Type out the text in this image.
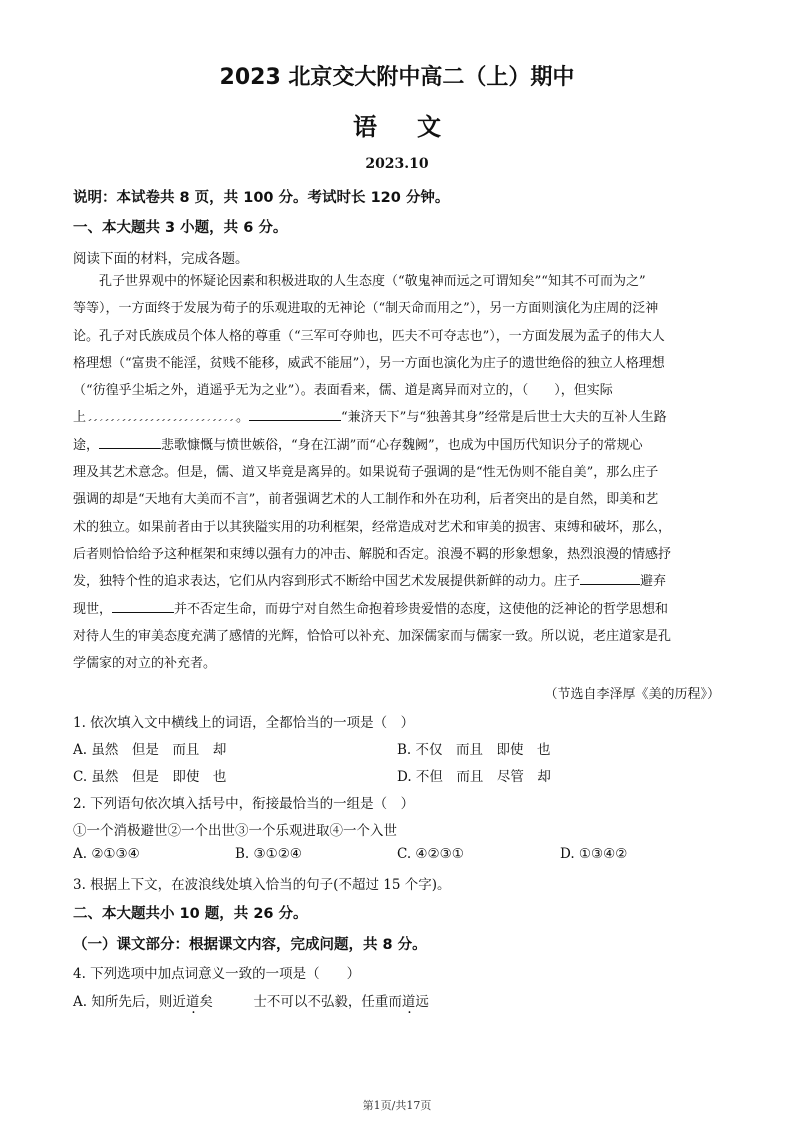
2023 北京交大附中高二（上）期中
语文
2023.10
说明：本试卷共 8 页，共 100 分。考试时长 120 分钟。
一、本大题共 3 小题，共 6 分。
阅读下面的材料，完成各题。
孔子世界观中的怀疑论因素和积极进取的人生态度（“敬鬼神而远之可谓知矣”“知其不可而为之”
等等），一方面终于发展为荀子的乐观进取的无神论（“制天命而用之”），另一方面则演化为庄周的泛神
论。孔子对氏族成员个体人格的尊重（“三军可夺帅也，匹夫不可夺志也”），一方面发展为孟子的伟大人
格理想（“富贵不能淫，贫贱不能移，威武不能屈”），另一方面也演化为庄子的遗世绝俗的独立人格理想
（“彷徨乎尘垢之外，逍遥乎无为之业”）。表面看来，儒、道是离异而对立的，（　　），但实际
上	。	“兼济天下”与“独善其身”经常是后世士大夫的互补人生路
途，	悲歌慷慨与愤世嫉俗，“身在江湖”而“心存魏阙”，也成为中国历代知识分子的常规心
理及其艺术意念。但是，儒、道又毕竟是离异的。如果说荀子强调的是“性无伪则不能自美”，那么庄子
强调的却是“天地有大美而不言”，前者强调艺术的人工制作和外在功利，后者突出的是自然，即美和艺
术的独立。如果前者由于以其狭隘实用的功利框架，经常造成对艺术和审美的损害、束缚和破坏，那么，
后者则恰恰给予这种框架和束缚以强有力的冲击、解脱和否定。浪漫不羁的形象想象，热烈浪漫的情感抒
发，独特个性的追求表达，它们从内容到形式不断给中国艺术发展提供新鲜的动力。庄子	避弃
现世，	并不否定生命，而毋宁对自然生命抱着珍贵爱惜的态度，这使他的泛神论的哲学思想和
对待人生的审美态度充满了感情的光辉，恰恰可以补充、加深儒家而与儒家一致。所以说，老庄道家是孔
学儒家的对立的补充者。
（节选自李泽厚《美的历程》）
1. 依次填入文中横线上的词语，全都恰当的一项是（　）
A. 虽然　但是　而且　却	B. 不仅　而且　即使　也
C. 虽然　但是　即使　也	D. 不但　而且　尽管　却
2. 下列语句依次填入括号中，衔接最恰当的一组是（　）
①一个消极避世②一个出世③一个乐观进取④一个入世
A. ②①③④	B. ③①②④	C. ④②③①	D. ①③④②
3. 根据上下文，在波浪线处填入恰当的句子(不超过 15 个字)。
二、本大题共小 10 题，共 26 分。
（一）课文部分：根据课文内容，完成问题，共 8 分。
4. 下列选项中加点词意义一致的一项是（　　）
A. 知所先后，则近道矣　　　士不可以不弘毅，任重而道远
第1页/共17页
